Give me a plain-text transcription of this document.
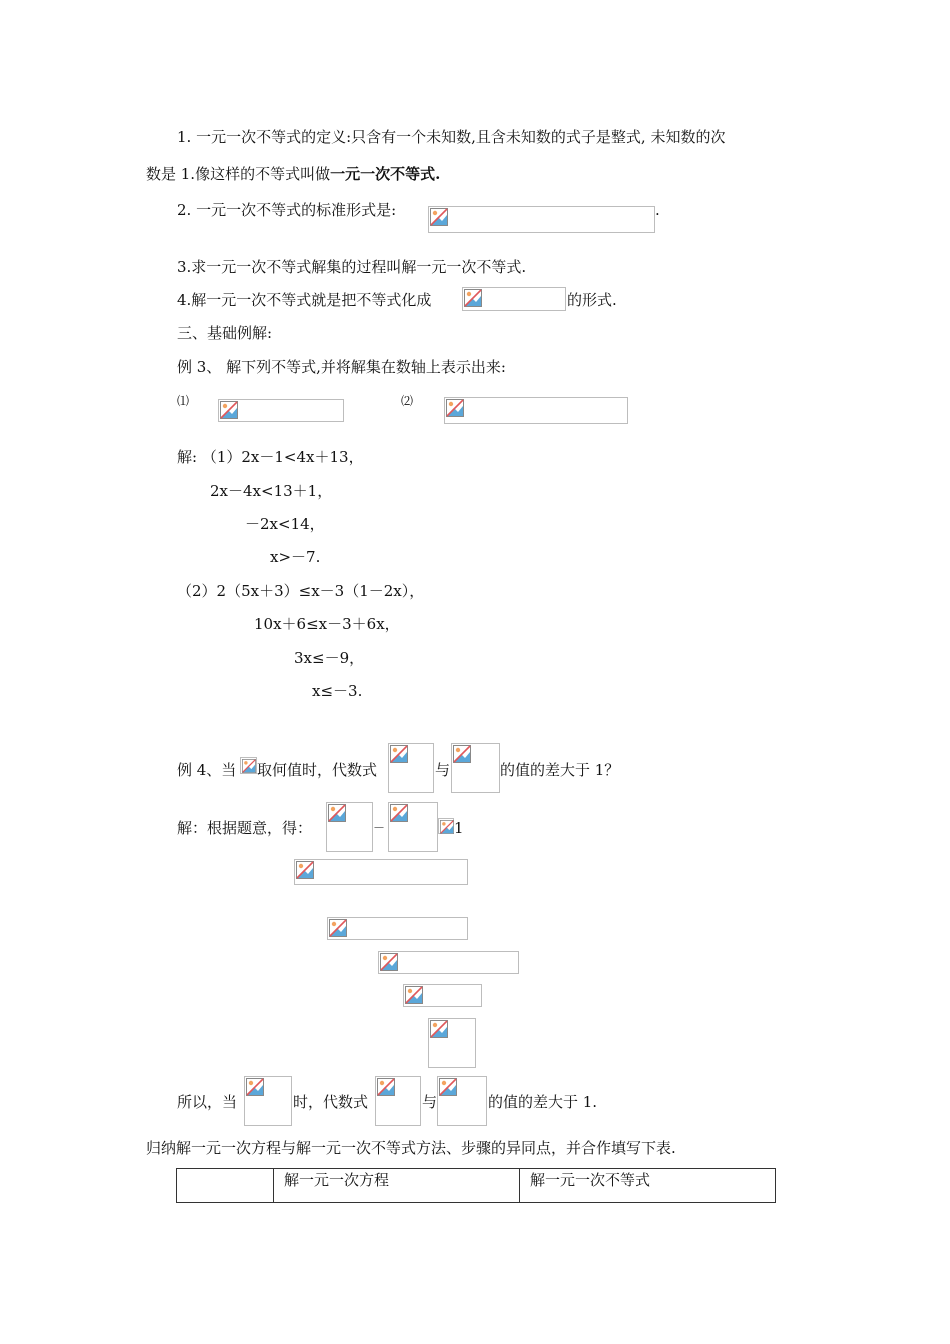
1. 一元一次不等式的定义:只含有一个未知数,且含未知数的式子是整式, 未知数的次
数是 1.像这样的不等式叫做一元一次不等式.
2. 一元一次不等式的标准形式是:	.
3.求一元一次不等式解集的过程叫解一元一次不等式.
4.解一元一次不等式就是把不等式化成	的形式.
三、基础例解:
例 3、 解下列不等式,并将解集在数轴上表示出来:
⑴	⑵
解: （1）2x－1<4x＋13，
2x－4x<13＋1，
－2x<14，
x>－7.
（2）2（5x＋3）≤x－3（1－2x），
10x＋6≤x－3＋6x，
3x≤－9，
x≤－3.
例 4、当 取何值时，代数式	与	的值的差大于 1？
解：根据题意，得：	－	1
所以，当	时，代数式	与	的值的差大于 1.
归纳解一元一次方程与解一元一次不等式方法、步骤的异同点，并合作填写下表.
	解一元一次方程	解一元一次不等式
